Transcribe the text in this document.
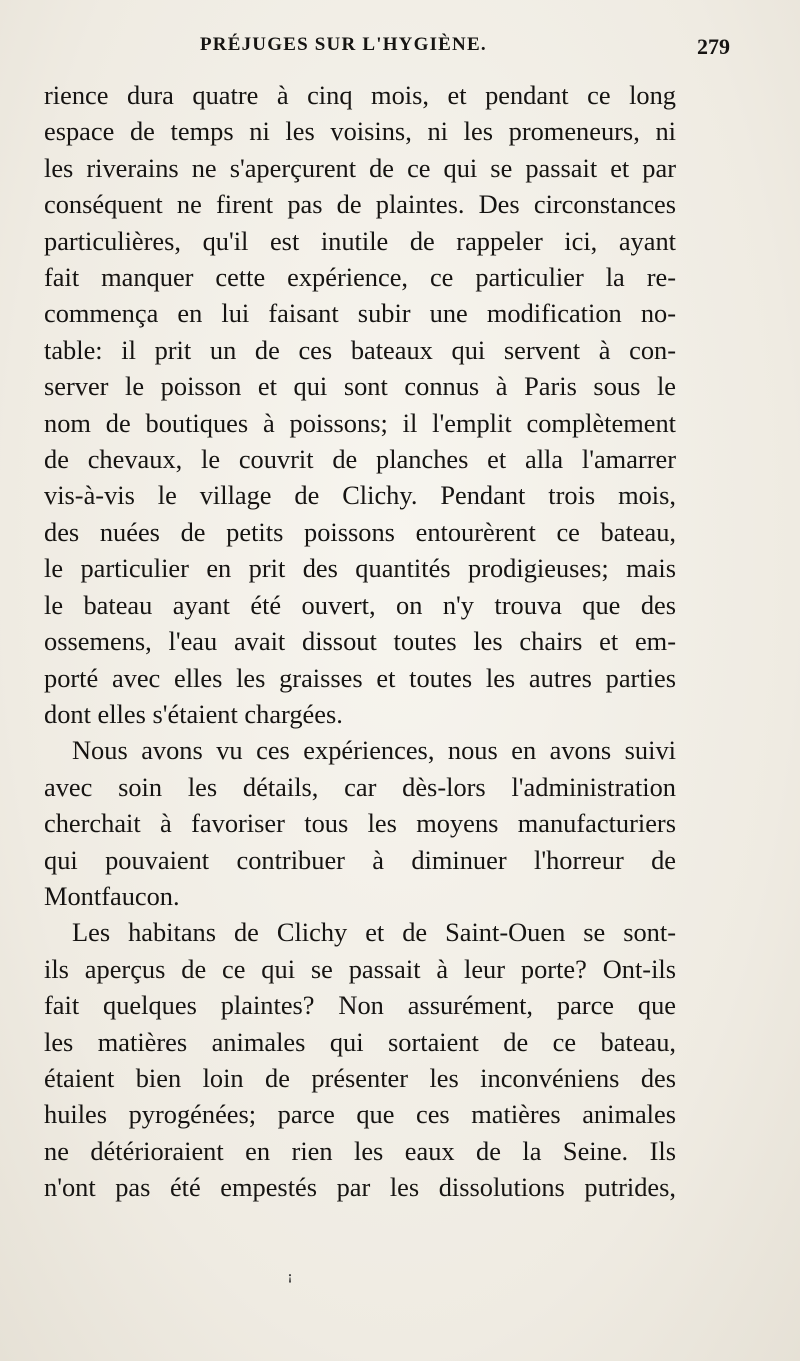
PRÉJUGES SUR L'HYGIÈNE.	279
rience dura quatre à cinq mois, et pendant ce long
espace de temps ni les voisins, ni les promeneurs, ni
les riverains ne s'aperçurent de ce qui se passait et par
conséquent ne firent pas de plaintes. Des circonstances
particulières, qu'il est inutile de rappeler ici, ayant
fait manquer cette expérience, ce particulier la re-
commença en lui faisant subir une modification no-
table: il prit un de ces bateaux qui servent à con-
server le poisson et qui sont connus à Paris sous le
nom de boutiques à poissons; il l'emplit complètement
de chevaux, le couvrit de planches et alla l'amarrer
vis-à-vis le village de Clichy. Pendant trois mois,
des nuées de petits poissons entourèrent ce bateau,
le particulier en prit des quantités prodigieuses; mais
le bateau ayant été ouvert, on n'y trouva que des
ossemens, l'eau avait dissout toutes les chairs et em-
porté avec elles les graisses et toutes les autres parties
dont elles s'étaient chargées.
Nous avons vu ces expériences, nous en avons suivi
avec soin les détails, car dès-lors l'administration
cherchait à favoriser tous les moyens manufacturiers
qui pouvaient contribuer à diminuer l'horreur de
Montfaucon.
Les habitans de Clichy et de Saint-Ouen se sont-
ils aperçus de ce qui se passait à leur porte? Ont-ils
fait quelques plaintes? Non assurément, parce que
les matières animales qui sortaient de ce bateau,
étaient bien loin de présenter les inconvéniens des
huiles pyrogénées; parce que ces matières animales
ne détérioraient en rien les eaux de la Seine. Ils
n'ont pas été empestés par les dissolutions putrides,
ꜟ
